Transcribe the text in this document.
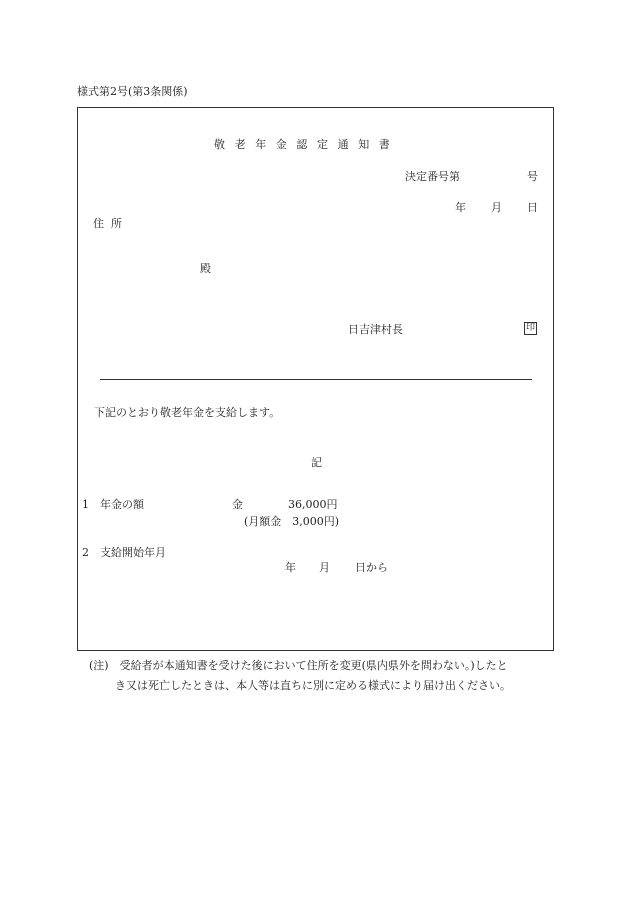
様式第2号(第3条関係)
敬老年金認定通知書
決定番号第	号
年 月 日
住所
殿
日吉津村長	印
下記のとおり敬老年金を支給します。
記
1 年金の額	金	36,000円
(月額金　3,000円)
2 支給開始年月
年 月 日から
(注)　受給者が本通知書を受けた後において住所を変更(県内県外を問わない。)したと
き又は死亡したときは、本人等は直ちに別に定める様式により届け出ください。
